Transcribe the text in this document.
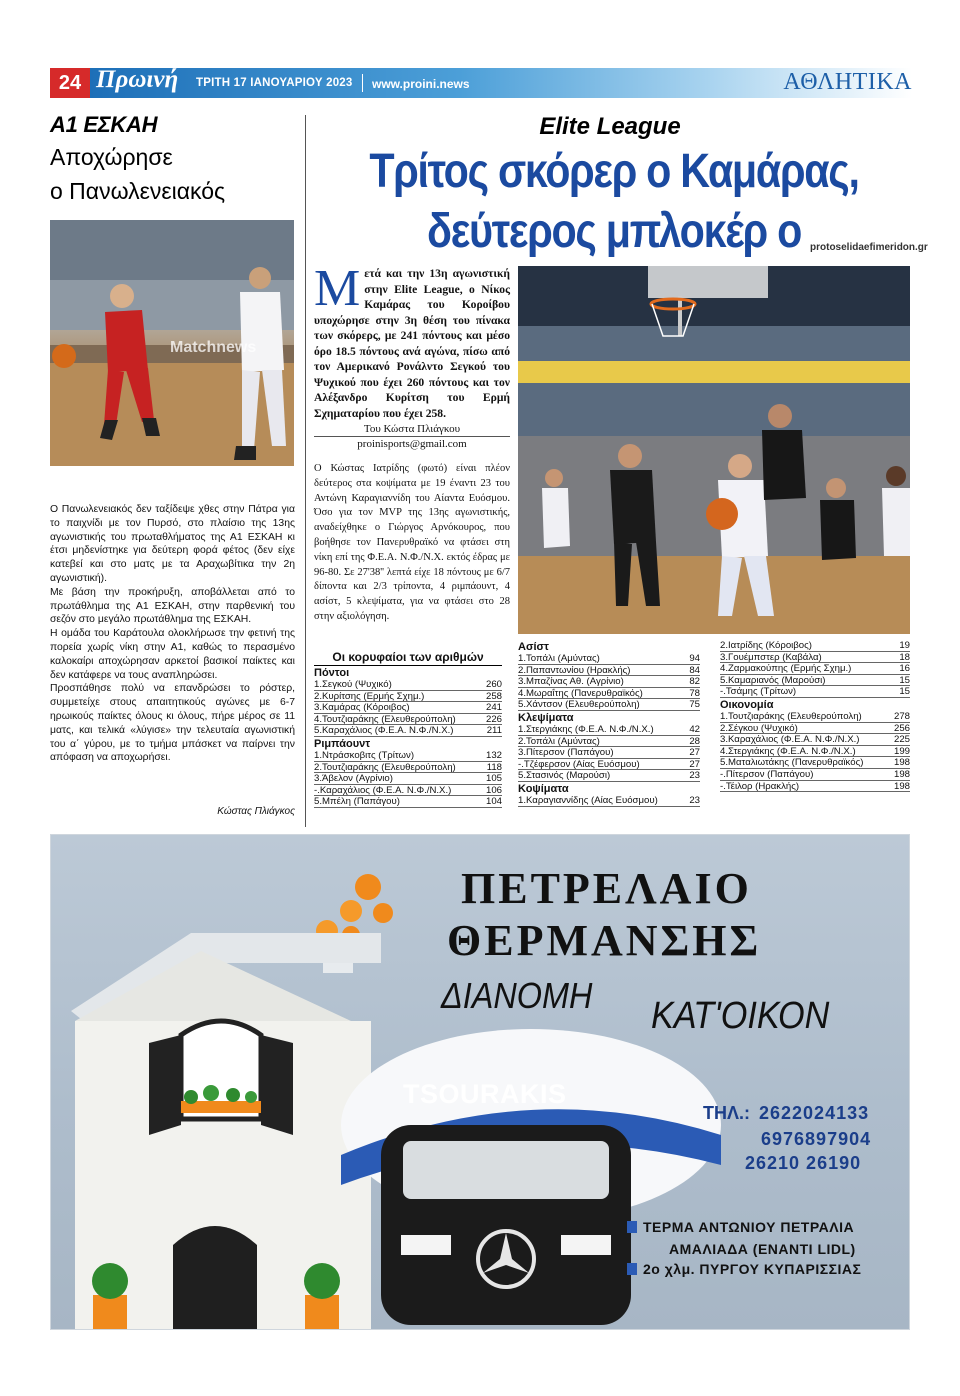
24 Πρωινή ΤΡΙΤΗ 17 ΙΑΝΟΥΑΡΙΟΥ 2023 www.proini.news	ΑΘΛΗΤΙΚΑ
Α1 ΕΣΚΑΗ
Αποχώρησε
ο Πανωλενειακός
Matchnews

Ο Πανωλενειακός δεν ταξίδεψε χθες στην Πάτρα για το παιχνίδι με τον Πυρσό, στο πλαίσιο της 13ης αγωνιστικής του πρωταθλήματος της Α1 ΕΣΚΑΗ κι έτσι μηδενίστηκε για δεύτερη φορά φέτος (δεν είχε κατεβεί και στο ματς με τα Αραχωβίτικα την 2η αγωνιστική).

Με βάση την προκήρυξη, αποβάλλεται από το πρωτάθλημα της Α1 ΕΣΚΑΗ, στην παρθενική του σεζόν στο μεγάλο πρωτάθλημα της ΕΣΚΑΗ.

Η ομάδα του Καράτουλα ολοκλήρωσε την φετινή της πορεία χωρίς νίκη στην Α1, καθώς το περασμένο καλοκαίρι αποχώρησαν αρκετοί βασικοί παίκτες και δεν κατάφερε να τους αναπληρώσει.

Προσπάθησε πολύ να επανδρώσει το ρόστερ, συμμετείχε στους απαιτητικούς αγώνες με 6-7 ηρωικούς παίκτες όλους κι όλους, πήρε μέρος σε 11 ματς, και τελικά «λύγισε» την τελευταία αγωνιστική του α΄ γύρου, με το τμήμα μπάσκετ να παίρνει την απόφαση να αποχωρήσει.

Κώστας Πλιάγκος
Elite League
Τρίτος σκόρερ ο Καμάρας,
δεύτερος μπλοκέρ ο protoselidaefimeridon.gr
Μετά και την 13η αγωνιστική στην Elite League, ο Νίκος Καμάρας του Κοροίβου υποχώρησε στην 3η θέση του πίνακα των σκόρερς, με 241 πόντους και μέσο όρο 18.5 πόντους ανά αγώνα, πίσω από τον Αμερικανό Ρονάλντο Σεγκού του Ψυχικού που έχει 260 πόντους και τον Αλέξανδρο Κυρίτση του Ερμή Σχηματαρίου που έχει 258.
Του Κώστα Πλιάγκου
proinisports@gmail.com
Ο Κώστας Ιατρίδης (φωτό) είναι πλέον δεύτερος στα κοψίματα με 19 έναντι 23 του Αντώνη Καραγιαννίδη του Αίαντα Ευόσμου. Όσο για τον MVP της 13ης αγωνιστικής, αναδείχθηκε ο Γιώργος Αρνόκουρος, που βοήθησε τον Πανερυθραϊκό να φτάσει στη νίκη επί της Φ.Ε.Α. Ν.Φ./Ν.Χ. εκτός έδρας με 96-80. Σε 27'38'' λεπτά είχε 18 πόντους με 6/7 δίποντα και 2/3 τρίποντα, 4 ριμπάουντ, 4 ασίστ, 5 κλεψίματα, για να φτάσει στο 28 στην αξιολόγηση.
Οι κορυφαίοι των αριθμών
Πόντοι
1.Σεγκού (Ψυχικό)	260
2.Κυρίτσης (Ερμής Σχημ.)	258
3.Καμάρας (Κόροιβος)	241
4.Τουτζιαράκης (Ελευθερούπολη)	226
5.Καραχάλιος (Φ.Ε.Α. Ν.Φ./Ν.Χ.)	211
Ριμπάουντ
1.Ντράσκοβιτς (Τρίτων)	132
2.Τουτζιαράκης (Ελευθερούπολη)	118
3.Άβελον (Αγρίνιο)	105
-.Καραχάλιος (Φ.Ε.Α. Ν.Φ./Ν.Χ.)	106
5.Μπέλη (Παπάγου)	104
Ασίστ
1.Τοπάλι (Αμύντας)	94
2.Παπαντωνίου (Ηρακλής)	84
3.Μπαζίνας Αθ. (Αγρίνιο)	82
4.Μωραΐτης (Πανερυθραϊκός)	78
5.Χάντσον (Ελευθερούπολη)	75
Κλεψίματα
1.Στεργιάκης (Φ.Ε.Α. Ν.Φ./Ν.Χ.)	42
2.Τοπάλι (Αμύντας)	28
3.Πίτερσον (Παπάγου)	27
-.Τζέφερσον (Αίας Ευόσμου)	27
5.Στασινός (Μαρούσι)	23
Κοψίματα
1.Καραγιαννίδης (Αίας Ευόσμου)	23
2.Ιατρίδης (Κόροιβος)	19
3.Γουέμπστερ (Καβάλα)	18
4.Ζαρμακούπης (Ερμής Σχημ.)	16
5.Καμαριανός (Μαρούσι)	15
-.Τσάμης (Τρίτων)	15
Οικονομία
1.Τουτζιαράκης (Ελευθερούπολη)	278
2.Σέγκου (Ψυχικό)	256
3.Καραχάλιος (Φ.Ε.Α. Ν.Φ./Ν.Χ.)	225
4.Στεργιάκης (Φ.Ε.Α. Ν.Φ./Ν.Χ.)	199
5.Ματαλιωτάκης (Πανερυθραϊκός)	198
-.Πίτερσον (Παπάγου)	198
-.Τέιλορ (Ηρακλής)	198
ΠΕΤΡΕΛΑΙΟ
ΘΕΡΜΑΝΣΗΣ
ΔΙΑΝΟΜΗ ΚΑΤ'ΟΙΚΟΝ
TSOURAKIS
ΤΗΛ.: 2622024133
6976897904
26210 26190
ΤΕΡΜΑ ΑΝΤΩΝΙΟΥ ΠΕΤΡΑΛΙΑ
ΑΜΑΛΙΑΔΑ (ΕΝΑΝΤΙ LIDL)
2ο χλμ. ΠΥΡΓΟΥ ΚΥΠΑΡΙΣΣΙΑΣ
